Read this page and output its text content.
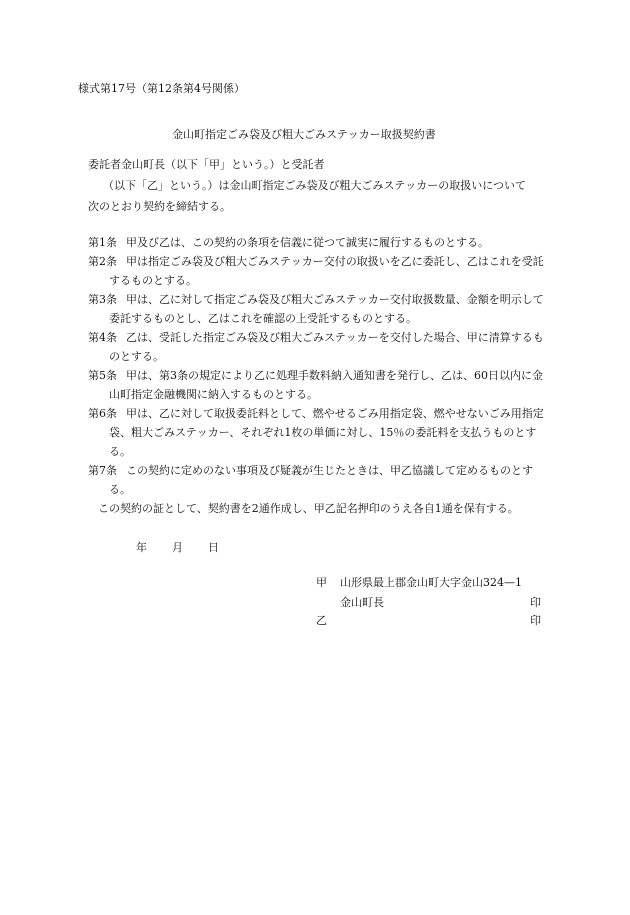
様式第17号（第12条第4号関係）
金山町指定ごみ袋及び粗大ごみステッカー取扱契約書
委託者金山町長（以下「甲」という。）と受託者
（以下「乙」という。）は金山町指定ごみ袋及び粗大ごみステッカーの取扱いについて
次のとおり契約を締結する。

第1条 甲及び乙は、この契約の条項を信義に従つて誠実に履行するものとする。

第2条 甲は指定ごみ袋及び粗大ごみステッカー交付の取扱いを乙に委託し、乙はこれを受託するものとする。

第3条 甲は、乙に対して指定ごみ袋及び粗大ごみステッカー交付取扱数量、金額を明示して委託するものとし、乙はこれを確認の上受託するものとする。

第4条 乙は、受託した指定ごみ袋及び粗大ごみステッカーを交付した場合、甲に清算するものとする。

第5条 甲は、第3条の規定により乙に処理手数料納入通知書を発行し、乙は、60日以内に金山町指定金融機関に納入するものとする。

第6条 甲は、乙に対して取扱委託料として、燃やせるごみ用指定袋、燃やせないごみ用指定袋、粗大ごみステッカー、それぞれ1枚の単価に対し、15％の委託料を支払うものとする。

第7条 この契約に定めのない事項及び疑義が生じたときは、甲乙協議して定めるものとする。

この契約の証として、契約書を2通作成し、甲乙記名押印のうえ各自1通を保有する。

年 月 日
甲 山形県最上郡金山町大字金山324—1
金山町長	印
乙	印
